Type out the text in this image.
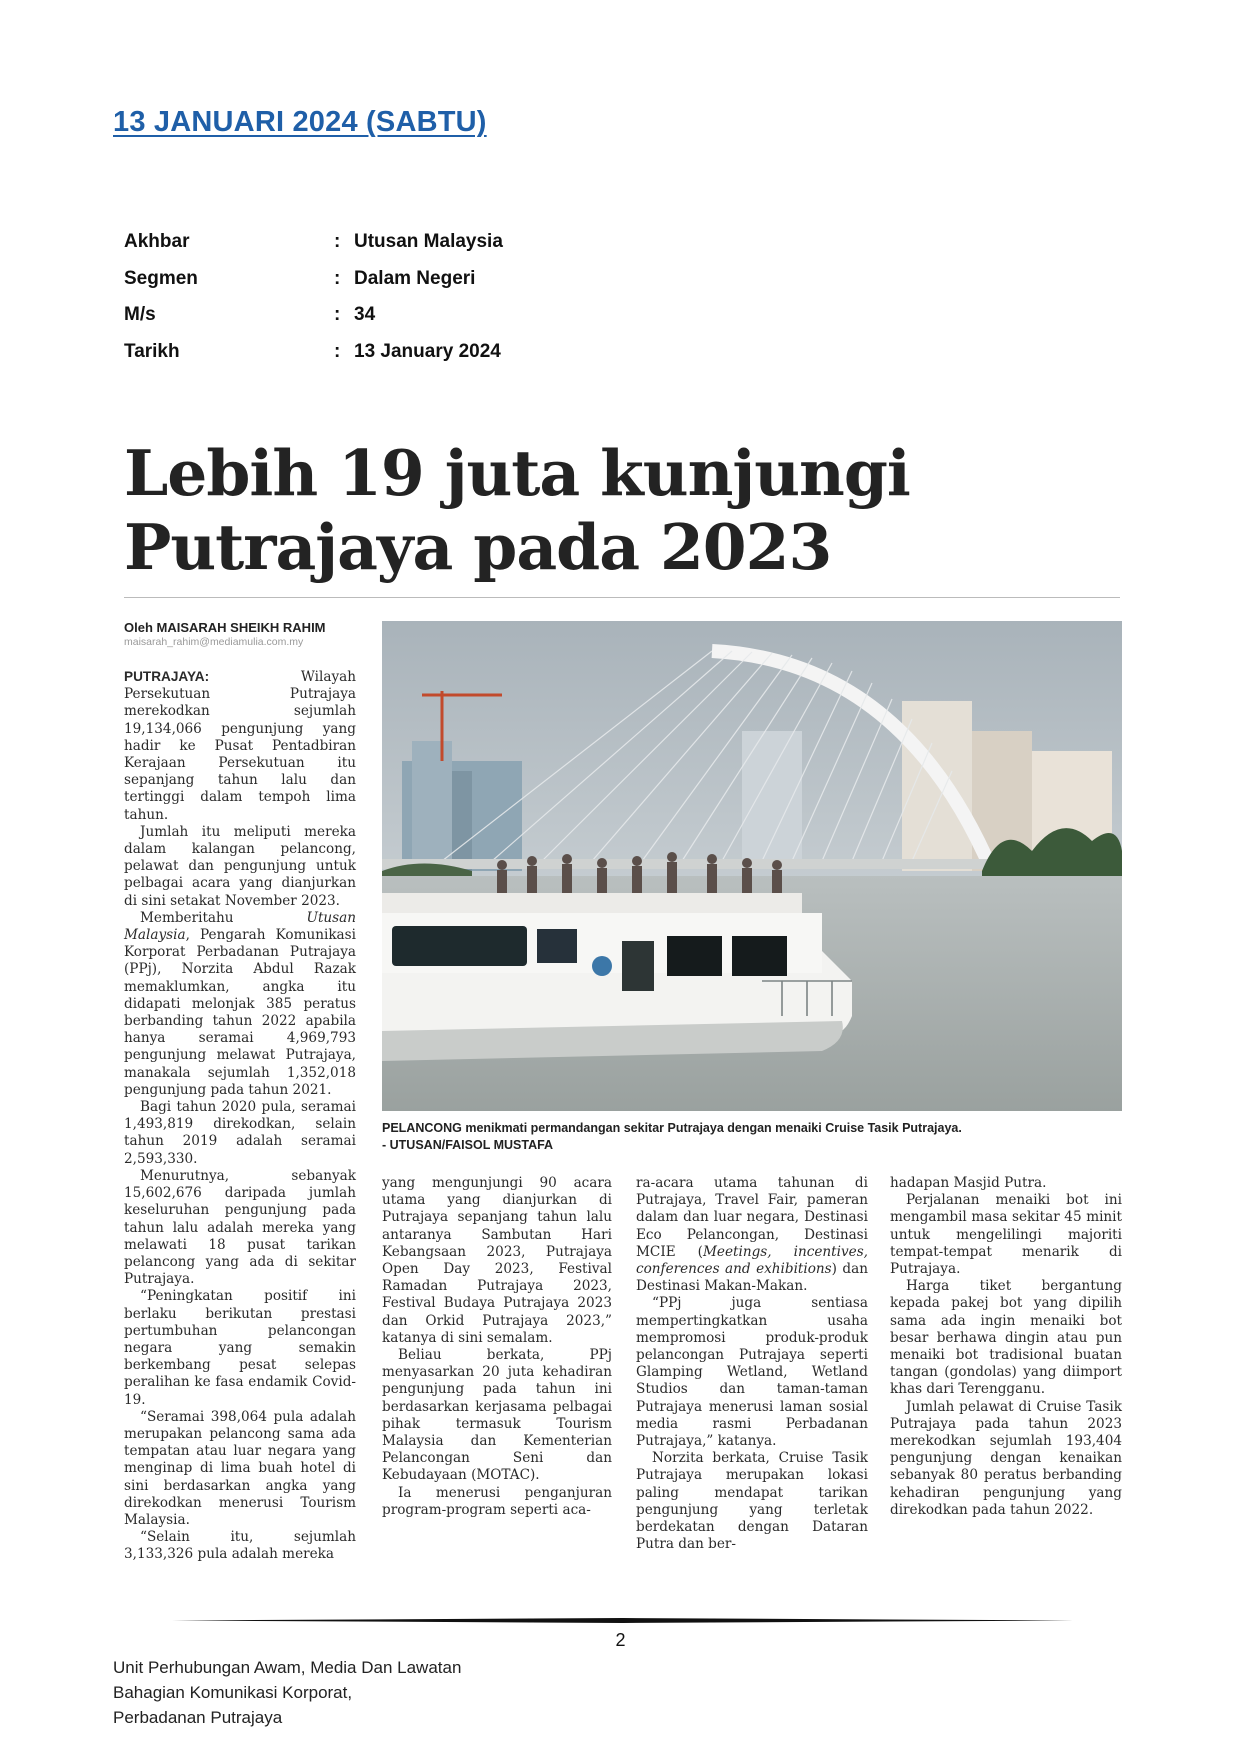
13 JANUARI 2024 (SABTU)
Akhbar	: Utusan Malaysia
Segmen	: Dalam Negeri
M/s	: 34
Tarikh	: 13 January 2024
Lebih 19 juta kunjungi
Putrajaya pada 2023
Oleh MAISARAH SHEIKH RAHIM
maisarah_rahim@mediamulia.com.my
PELANCONG menikmati permandangan sekitar Putrajaya dengan menaiki Cruise Tasik Putrajaya.
- UTUSAN/FAISOL MUSTAFA

PUTRAJAYA:	Wilayah Persekutuan Putrajaya merekodkan sejumlah 19,134,066 pengunjung yang hadir ke Pusat Pentadbiran Kerajaan Persekutuan itu sepanjang tahun lalu dan tertinggi dalam tempoh lima tahun.

Jumlah itu meliputi mereka dalam kalangan pelancong, pelawat dan pengunjung untuk pelbagai acara yang dianjurkan di sini setakat November 2023.

Memberitahu Utusan Malaysia, Pengarah Komunikasi Korporat Perbadanan Putrajaya (PPj), Norzita Abdul Razak memaklumkan, angka itu didapati melonjak 385 peratus berbanding tahun 2022 apabila hanya seramai 4,969,793 pengunjung melawat Putrajaya, manakala sejumlah 1,352,018 pengunjung pada tahun 2021.

Bagi tahun 2020 pula, seramai 1,493,819 direkodkan, selain tahun 2019 adalah seramai 2,593,330.

Menurutnya, sebanyak 15,602,676 daripada jumlah keseluruhan pengunjung pada tahun lalu adalah mereka yang melawati 18 pusat tarikan pelancong yang ada di sekitar Putrajaya.

“Peningkatan positif ini berlaku berikutan prestasi pertumbuhan pelancongan negara yang semakin berkembang pesat selepas peralihan ke fasa endamik Covid-19.

“Seramai 398,064 pula adalah merupakan pelancong sama ada tempatan atau luar negara yang menginap di lima buah hotel di sini berdasarkan angka yang direkodkan menerusi Tourism Malaysia.

“Selain itu, sejumlah 3,133,326 pula adalah mereka

yang mengunjungi 90 acara utama yang dianjurkan di Putrajaya sepanjang tahun lalu antaranya Sambutan Hari Kebangsaan 2023, Putrajaya Open Day 2023, Festival Ramadan Putrajaya 2023, Festival Budaya Putrajaya 2023 dan Orkid Putrajaya 2023,” katanya di sini semalam.

Beliau berkata, PPj menyasarkan 20 juta kehadiran pengunjung pada tahun ini berdasarkan kerjasama pelbagai pihak termasuk Tourism Malaysia dan Kementerian Pelancongan Seni dan Kebudayaan (MOTAC).

Ia menerusi penganjuran program-program seperti aca-

ra-acara utama tahunan di Putrajaya, Travel Fair, pameran dalam dan luar negara, Destinasi Eco Pelancongan, Destinasi MCIE (Meetings, incentives, conferences and exhibitions) dan Destinasi Makan-Makan.

“PPj juga sentiasa mempertingkatkan usaha mempromosi produk-produk pelancongan Putrajaya seperti Glamping Wetland, Wetland Studios dan taman-taman Putrajaya menerusi laman sosial media rasmi Perbadanan Putrajaya,” katanya.

Norzita berkata, Cruise Tasik Putrajaya merupakan lokasi paling mendapat tarikan pengunjung yang terletak berdekatan dengan Dataran Putra dan ber-

hadapan Masjid Putra.

Perjalanan menaiki bot ini mengambil masa sekitar 45 minit untuk mengelilingi majoriti tempat-tempat menarik di Putrajaya.

Harga tiket bergantung kepada pakej bot yang dipilih sama ada ingin menaiki bot besar berhawa dingin atau pun menaiki bot tradisional buatan tangan (gondolas) yang diimport khas dari Terengganu.

Jumlah pelawat di Cruise Tasik Putrajaya pada tahun 2023 merekodkan sejumlah 193,404 pengunjung dengan kenaikan sebanyak 80 peratus berbanding kehadiran pengunjung yang direkodkan pada tahun 2022.

2
Unit Perhubungan Awam, Media Dan Lawatan
Bahagian Komunikasi Korporat,
Perbadanan Putrajaya
